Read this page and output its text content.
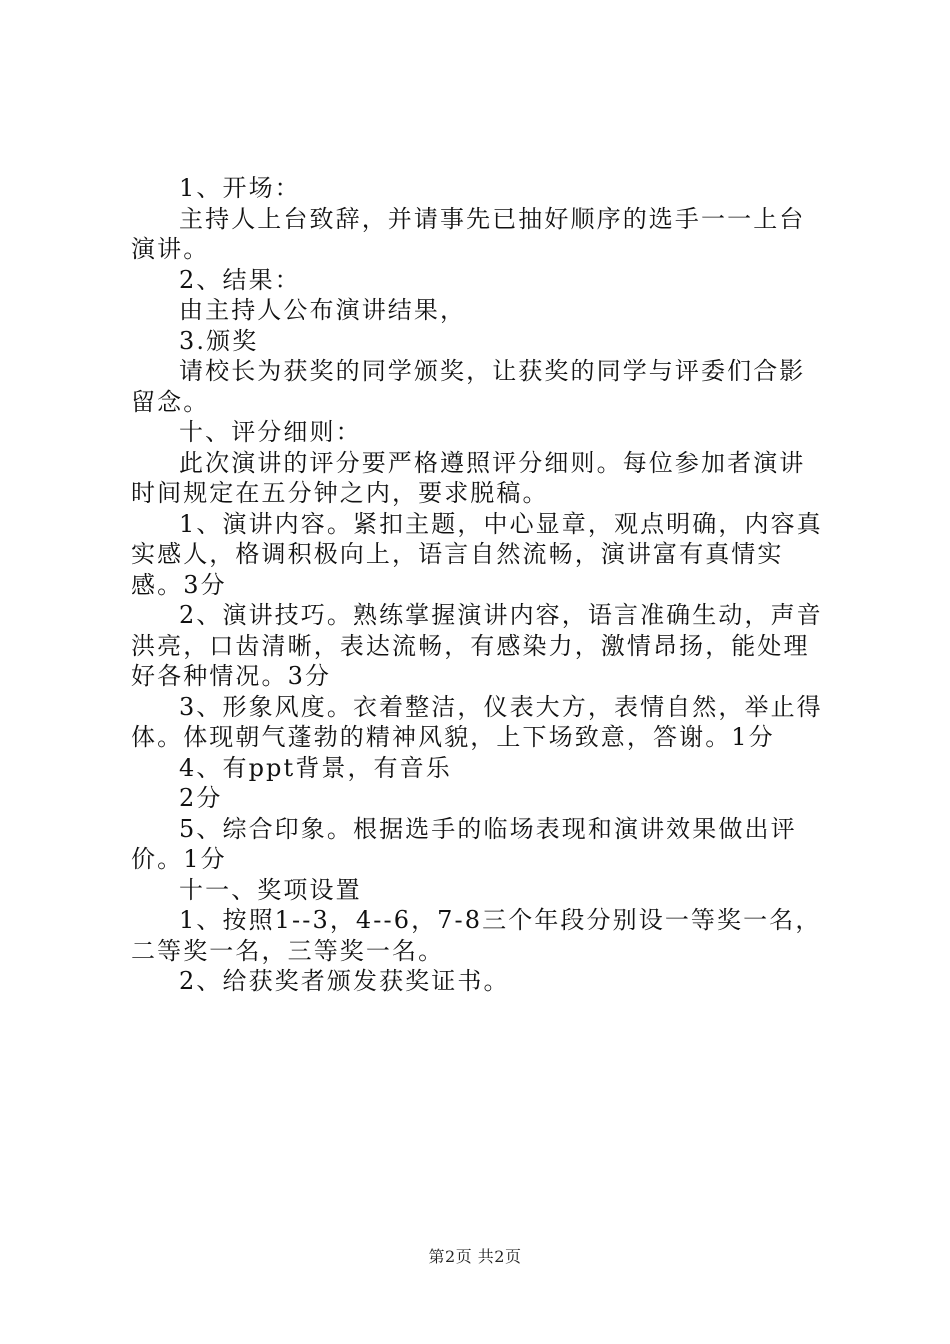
1、开场：

主持人上台致辞，并请事先已抽好顺序的选手一一上台演讲。

2、结果：

由主持人公布演讲结果，

3.颁奖

请校长为获奖的同学颁奖，让获奖的同学与评委们合影留念。

十、评分细则：

此次演讲的评分要严格遵照评分细则。每位参加者演讲时间规定在五分钟之内，要求脱稿。

1、演讲内容。紧扣主题，中心显章，观点明确，内容真实感人，格调积极向上，语言自然流畅，演讲富有真情实感。3分

2、演讲技巧。熟练掌握演讲内容，语言准确生动，声音洪亮，口齿清晰，表达流畅，有感染力，激情昂扬，能处理好各种情况。3分

3、形象风度。衣着整洁，仪表大方，表情自然，举止得体。体现朝气蓬勃的精神风貌，上下场致意，答谢。1分

4、有ppt背景，有音乐

2分

5、综合印象。根据选手的临场表现和演讲效果做出评价。1分

十一、奖项设置

1、按照1--3，4--6，7-8三个年段分别设一等奖一名，二等奖一名，三等奖一名。

2、给获奖者颁发获奖证书。

第2页 共2页
